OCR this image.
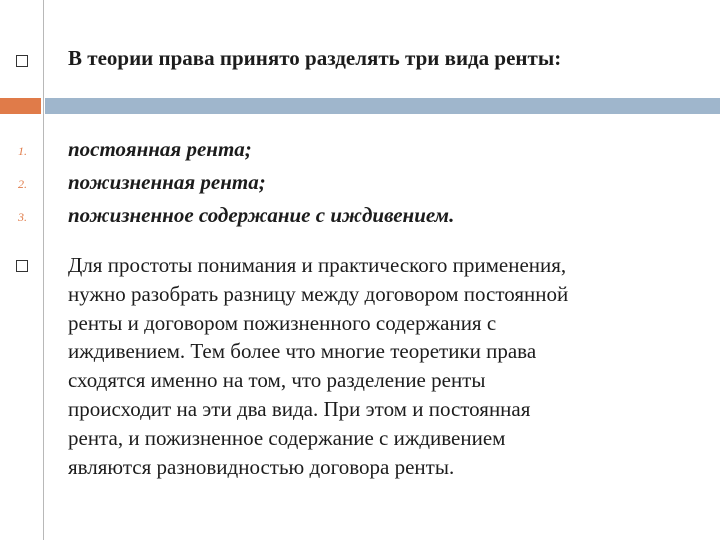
В теории права принято разделять три вида ренты:
1. постоянная рента;
2. пожизненная рента;
3. пожизненное содержание с иждивением.
Для простоты понимания и практического применения,
нужно разобрать разницу между договором постоянной
ренты и договором пожизненного содержания с
иждивением. Тем более что многие теоретики права
сходятся именно на том, что разделение ренты
происходит на эти два вида. При этом и постоянная
рента, и пожизненное содержание с иждивением
являются разновидностью договора ренты.
